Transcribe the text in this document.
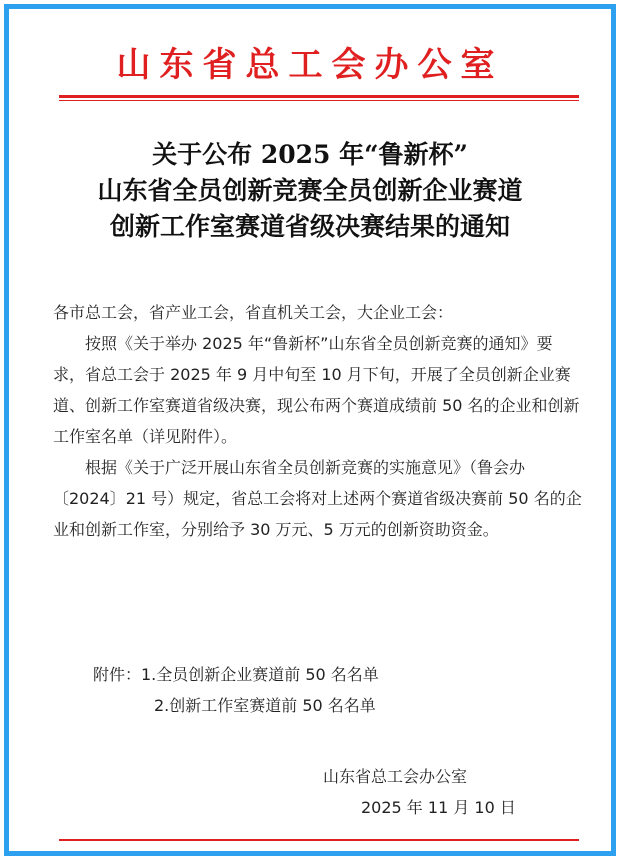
山东省总工会办公室
关于公布 2025 年“鲁新杯”
山东省全员创新竞赛全员创新企业赛道
创新工作室赛道省级决赛结果的通知

各市总工会，省产业工会，省直机关工会，大企业工会：

按照《关于举办 2025 年“鲁新杯”山东省全员创新竞赛的通知》要求，省总工会于 2025 年 9 月中旬至 10 月下旬，开展了全员创新企业赛道、创新工作室赛道省级决赛，现公布两个赛道成绩前 50 名的企业和创新工作室名单（详见附件）。

根据《关于广泛开展山东省全员创新竞赛的实施意见》（鲁会办〔2024〕21 号）规定，省总工会将对上述两个赛道省级决赛前 50 名的企业和创新工作室，分别给予 30 万元、5 万元的创新资助资金。

附件：1.全员创新企业赛道前 50 名名单
2.创新工作室赛道前 50 名名单
山东省总工会办公室
2025 年 11 月 10 日
